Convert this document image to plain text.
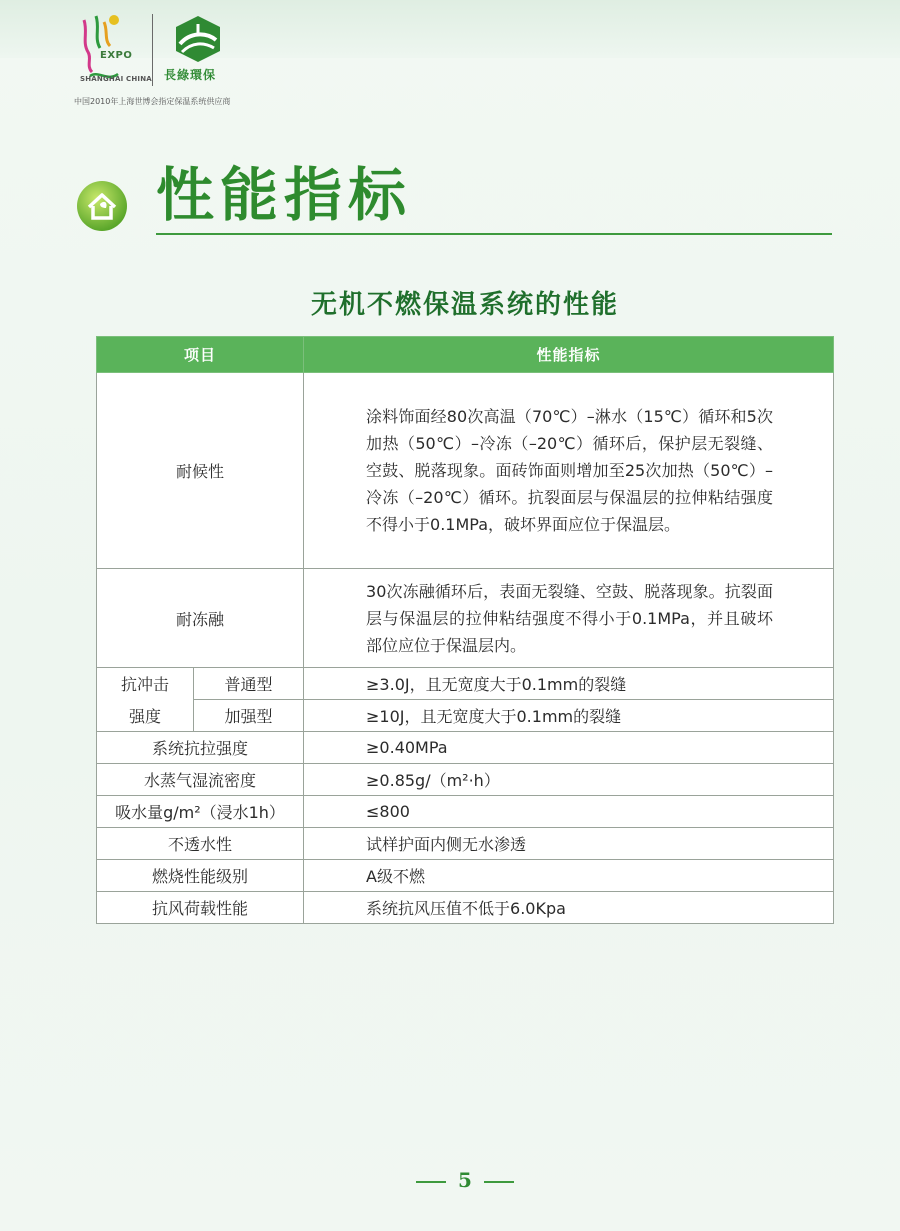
EXPO
SHANGHAI CHINA 長綠環保
中国2010年上海世博会指定保温系统供应商
性能指标
无机不燃保温系统的性能
项目		性能指标
耐候性		涂料饰面经80次高温（70℃）–淋水（15℃）循环和5次加热（50℃）–冷冻（–20℃）循环后，保护层无裂缝、空鼓、脱落现象。面砖饰面则增加至25次加热（50℃）–冷冻（–20℃）循环。抗裂面层与保温层的拉伸粘结强度不得小于0.1MPa，破坏界面应位于保温层。
耐冻融		30次冻融循环后，表面无裂缝、空鼓、脱落现象。抗裂面层与保温层的拉伸粘结强度不得小于0.1MPa，并且破坏部位应位于保温层内。
抗冲击	普通型	≥3.0J，且无宽度大于0.1mm的裂缝
强度	加强型	≥10J，且无宽度大于0.1mm的裂缝
系统抗拉强度		≥0.40MPa
水蒸气湿流密度		≥0.85g/（m²·h）
吸水量g/m²（浸水1h）		≤800
不透水性		试样护面内侧无水渗透
燃烧性能级别		A级不燃
抗风荷载性能		系统抗风压值不低于6.0Kpa
5
